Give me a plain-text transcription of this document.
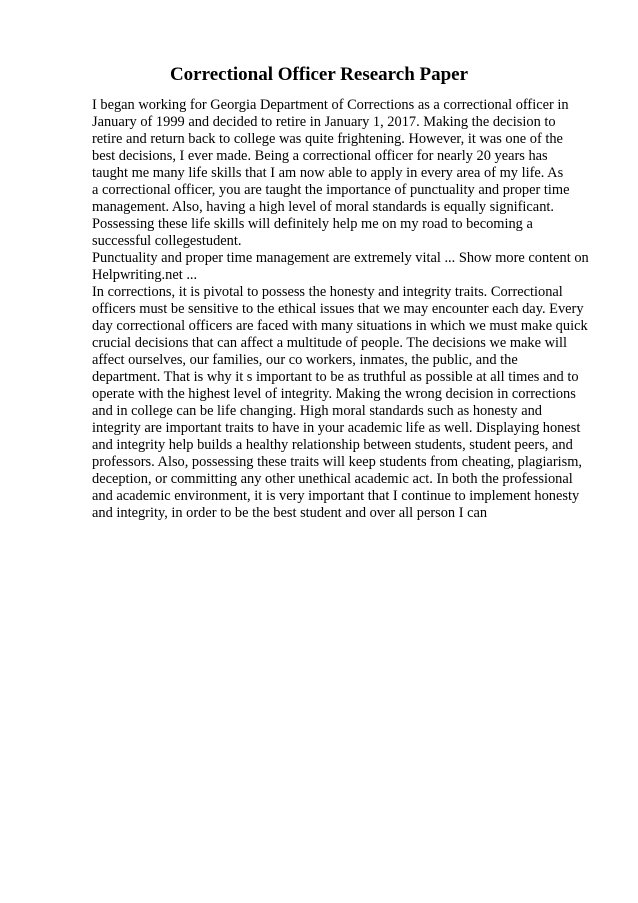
Correctional Officer Research Paper
I began working for Georgia Department of Corrections as a correctional officer in
January of 1999 and decided to retire in January 1, 2017. Making the decision to
retire and return back to college was quite frightening. However, it was one of the
best decisions, I ever made. Being a correctional officer for nearly 20 years has
taught me many life skills that I am now able to apply in every area of my life. As
a correctional officer, you are taught the importance of punctuality and proper time
management. Also, having a high level of moral standards is equally significant.
Possessing these life skills will definitely help me on my road to becoming a
successful collegestudent.
Punctuality and proper time management are extremely vital ... Show more content on
Helpwriting.net ...
In corrections, it is pivotal to possess the honesty and integrity traits. Correctional
officers must be sensitive to the ethical issues that we may encounter each day. Every
day correctional officers are faced with many situations in which we must make quick
crucial decisions that can affect a multitude of people. The decisions we make will
affect ourselves, our families, our co workers, inmates, the public, and the
department. That is why it s important to be as truthful as possible at all times and to
operate with the highest level of integrity. Making the wrong decision in corrections
and in college can be life changing. High moral standards such as honesty and
integrity are important traits to have in your academic life as well. Displaying honest
and integrity help builds a healthy relationship between students, student peers, and
professors. Also, possessing these traits will keep students from cheating, plagiarism,
deception, or committing any other unethical academic act. In both the professional
and academic environment, it is very important that I continue to implement honesty
and integrity, in order to be the best student and over all person I can
